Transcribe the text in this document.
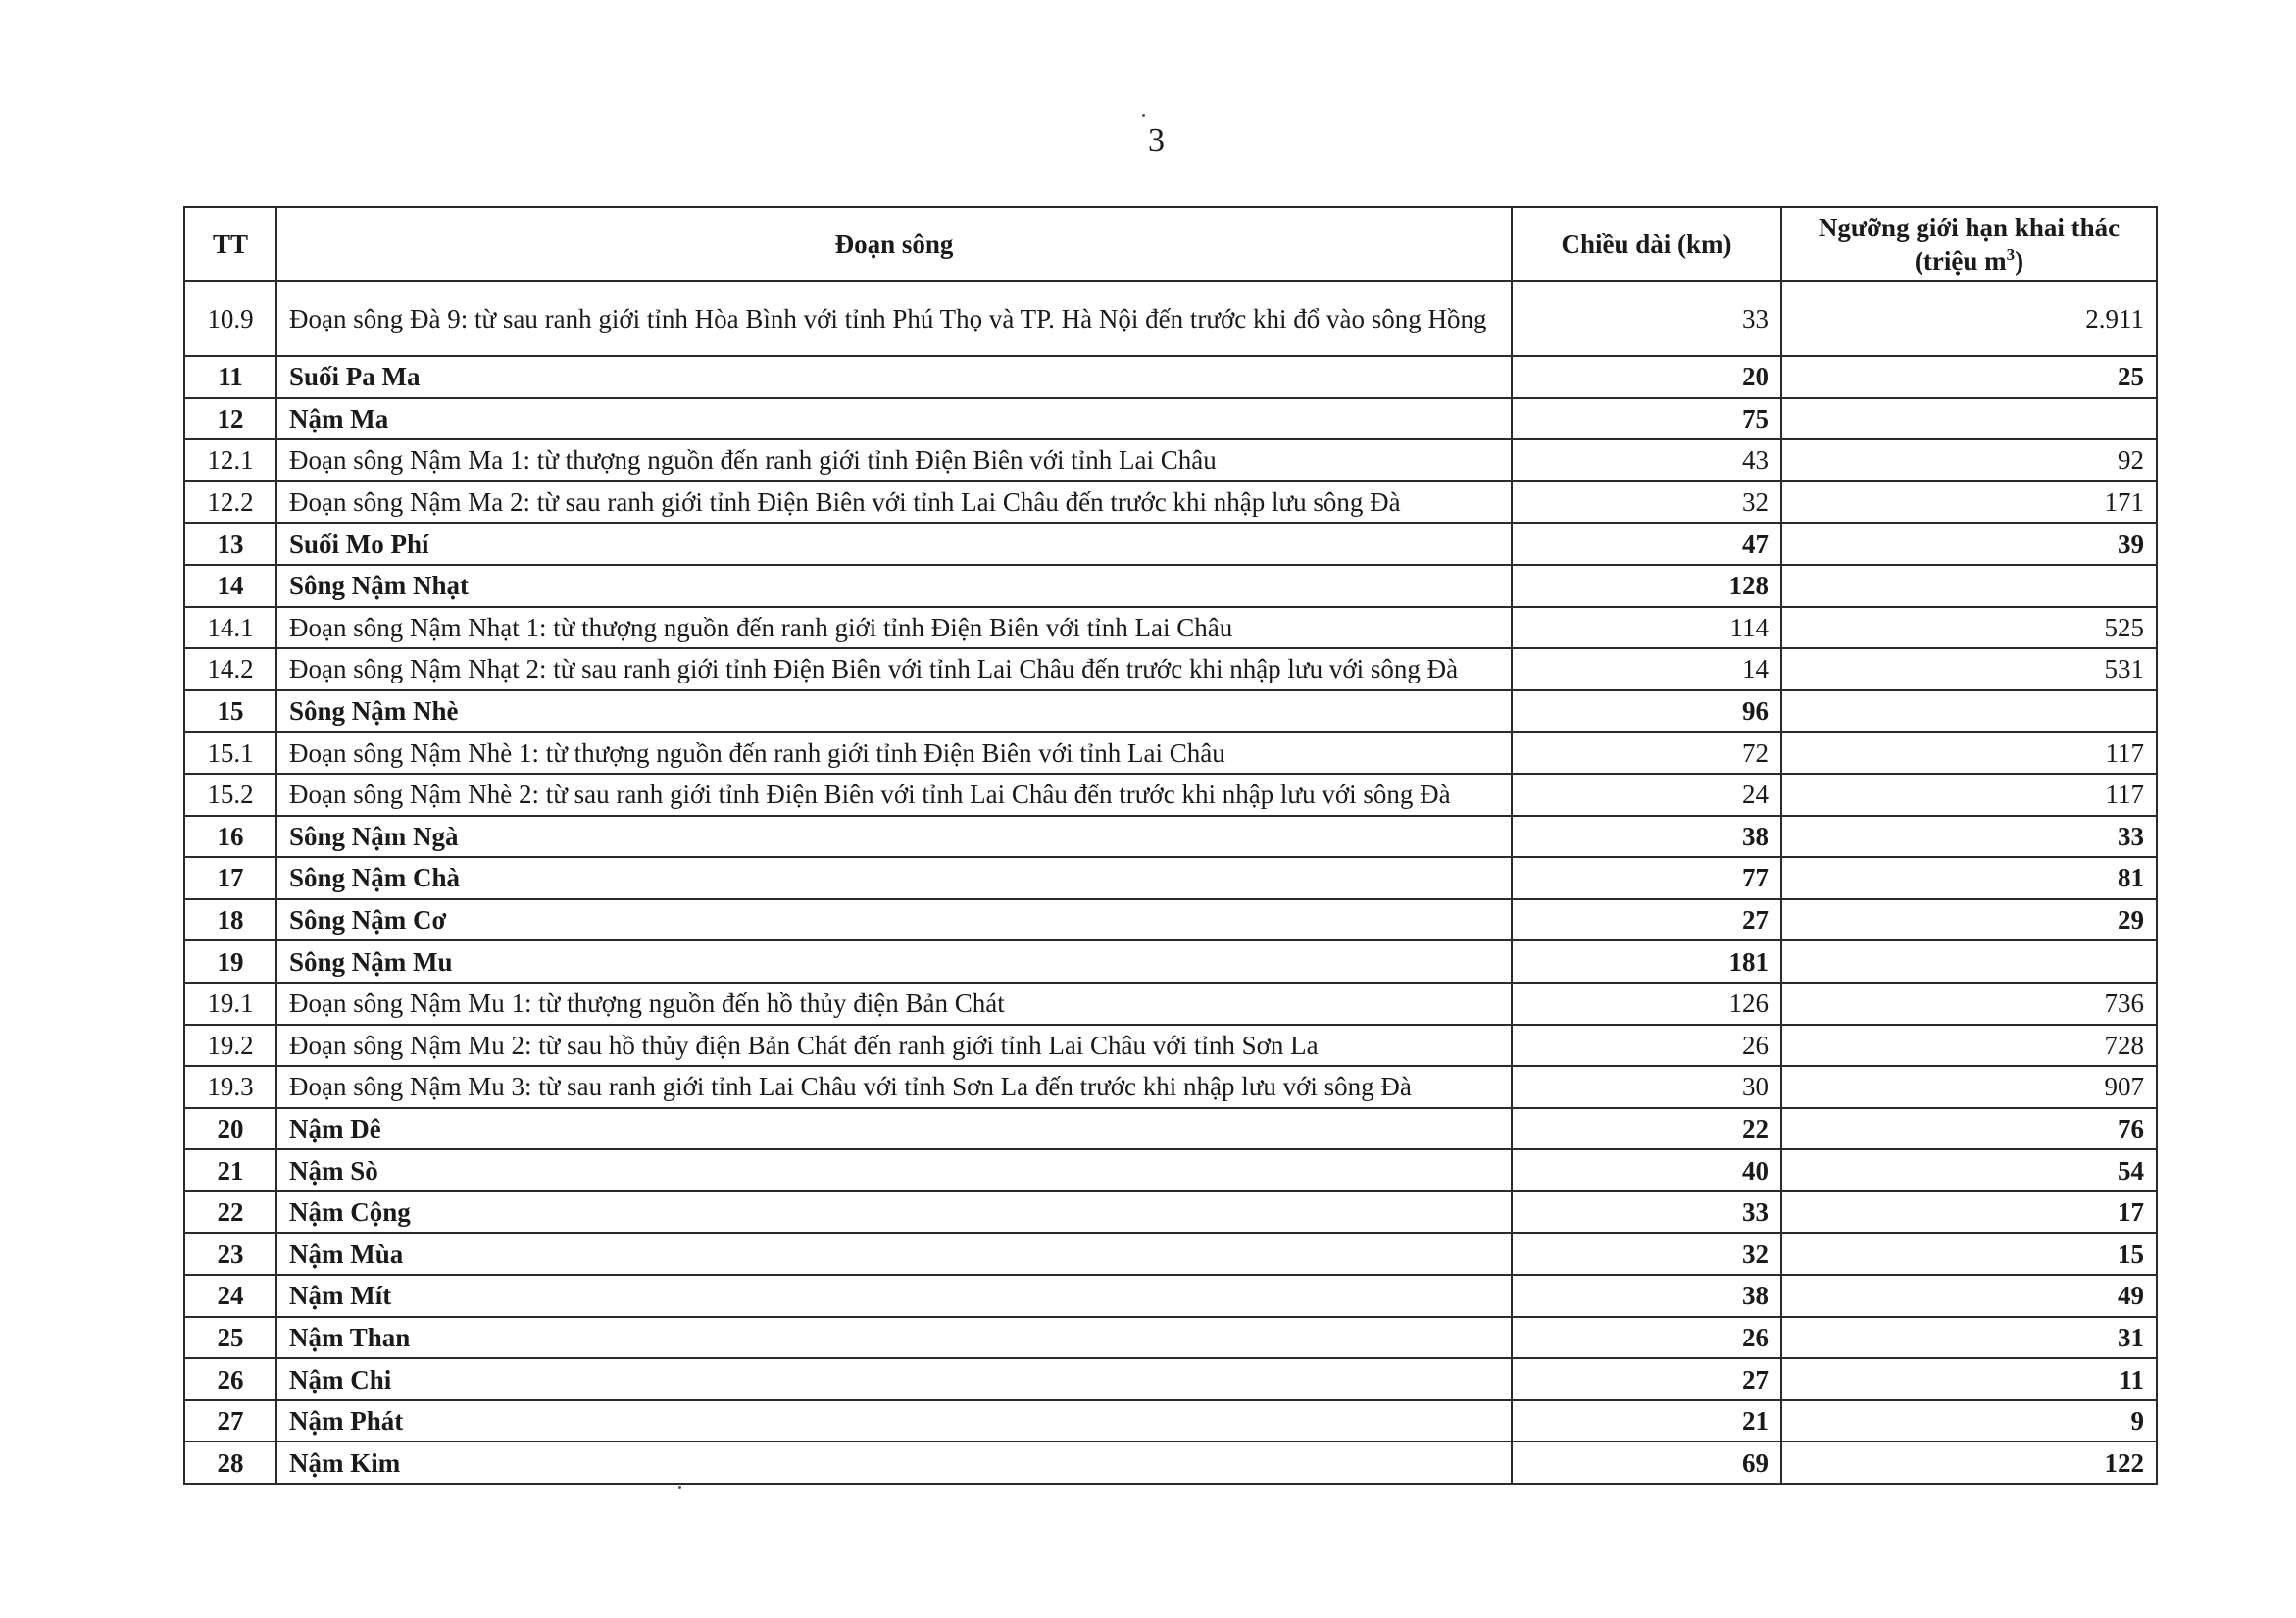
3
TT	Đoạn sông	Chiều dài (km)	Ngưỡng giới hạn khai thác
(triệu $m^3$)
10.9	Đoạn sông Đà 9: từ sau ranh giới tỉnh Hòa Bình với tỉnh Phú Thọ và TP. Hà Nội đến trước khi đổ vào sông Hồng	33	2.911
11	Suối Pa Ma	20	25
12	Nậm Ma	75	
12.1	Đoạn sông Nậm Ma 1: từ thượng nguồn đến ranh giới tỉnh Điện Biên với tỉnh Lai Châu	43	92
12.2	Đoạn sông Nậm Ma 2: từ sau ranh giới tỉnh Điện Biên với tỉnh Lai Châu đến trước khi nhập lưu sông Đà	32	171
13	Suối Mo Phí	47	39
14	Sông Nậm Nhạt	128	
14.1	Đoạn sông Nậm Nhạt 1: từ thượng nguồn đến ranh giới tỉnh Điện Biên với tỉnh Lai Châu	114	525
14.2	Đoạn sông Nậm Nhạt 2: từ sau ranh giới tỉnh Điện Biên với tỉnh Lai Châu đến trước khi nhập lưu với sông Đà	14	531
15	Sông Nậm Nhè	96	
15.1	Đoạn sông Nậm Nhè 1: từ thượng nguồn đến ranh giới tỉnh Điện Biên với tỉnh Lai Châu	72	117
15.2	Đoạn sông Nậm Nhè 2: từ sau ranh giới tỉnh Điện Biên với tỉnh Lai Châu đến trước khi nhập lưu với sông Đà	24	117
16	Sông Nậm Ngà	38	33
17	Sông Nậm Chà	77	81
18	Sông Nậm Cơ	27	29
19	Sông Nậm Mu	181	
19.1	Đoạn sông Nậm Mu 1: từ thượng nguồn đến hồ thủy điện Bản Chát	126	736
19.2	Đoạn sông Nậm Mu 2: từ sau hồ thủy điện Bản Chát đến ranh giới tỉnh Lai Châu với tỉnh Sơn La	26	728
19.3	Đoạn sông Nậm Mu 3: từ sau ranh giới tỉnh Lai Châu với tỉnh Sơn La đến trước khi nhập lưu với sông Đà	30	907
20	Nậm Dê	22	76
21	Nậm Sò	40	54
22	Nậm Cộng	33	17
23	Nậm Mùa	32	15
24	Nậm Mít	38	49
25	Nậm Than	26	31
26	Nậm Chi	27	11
27	Nậm Phát	21	9
28	Nậm Kim	69	122
